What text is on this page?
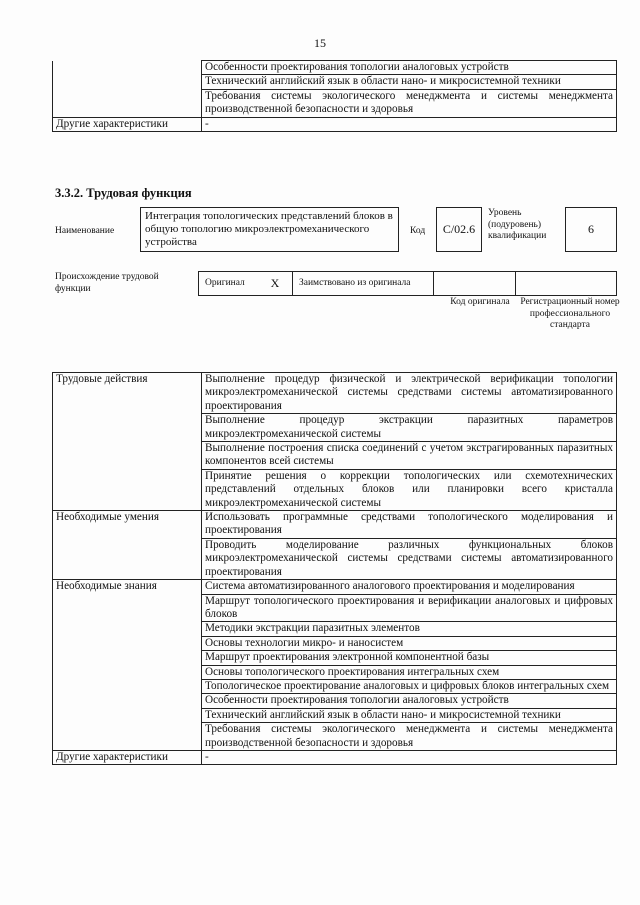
15
	Особенности проектирования топологии аналоговых устройств
	Технический английский язык в области нано- и микросистемной техники
	Требования системы экологического менеджмента и системы менеджмента производственной безопасности и здоровья
Другие характеристики	-
3.3.2. Трудовая функция
Наименование
Интеграция топологических представлений блоков в общую топологию микроэлектромеханического устройства
Код	C/02.6
Уровень (подуровень) квалификации	6
Происхождение трудовой функции
Оригинал	X	Заимствовано из оригинала
Код оригинала Регистрационный номер профессионального стандарта
Трудовые действия	Выполнение процедур физической и электрической верификации топологии микроэлектромеханической системы средствами системы автоматизированного проектирования
	Выполнение процедур экстракции паразитных параметров микроэлектромеханической системы
	Выполнение построения списка соединений с учетом экстрагированных паразитных компонентов всей системы
	Принятие решения о коррекции топологических или схемотехнических представлений отдельных блоков или планировки всего кристалла микроэлектромеханической системы
Необходимые умения	Использовать программные средствами топологического моделирования и проектирования
	Проводить моделирование различных функциональных блоков микроэлектромеханической системы средствами системы автоматизированного проектирования
Необходимые знания	Система автоматизированного аналогового проектирования и моделирования
	Маршрут топологического проектирования и верификации аналоговых и цифровых блоков
	Методики экстракции паразитных элементов
	Основы технологии микро- и наносистем
	Маршрут проектирования электронной компонентной базы
	Основы топологического проектирования интегральных схем
	Топологическое проектирование аналоговых и цифровых блоков интегральных схем
	Особенности проектирования топологии аналоговых устройств
	Технический английский язык в области нано- и микросистемной техники
	Требования системы экологического менеджмента и системы менеджмента производственной безопасности и здоровья
Другие характеристики	-
